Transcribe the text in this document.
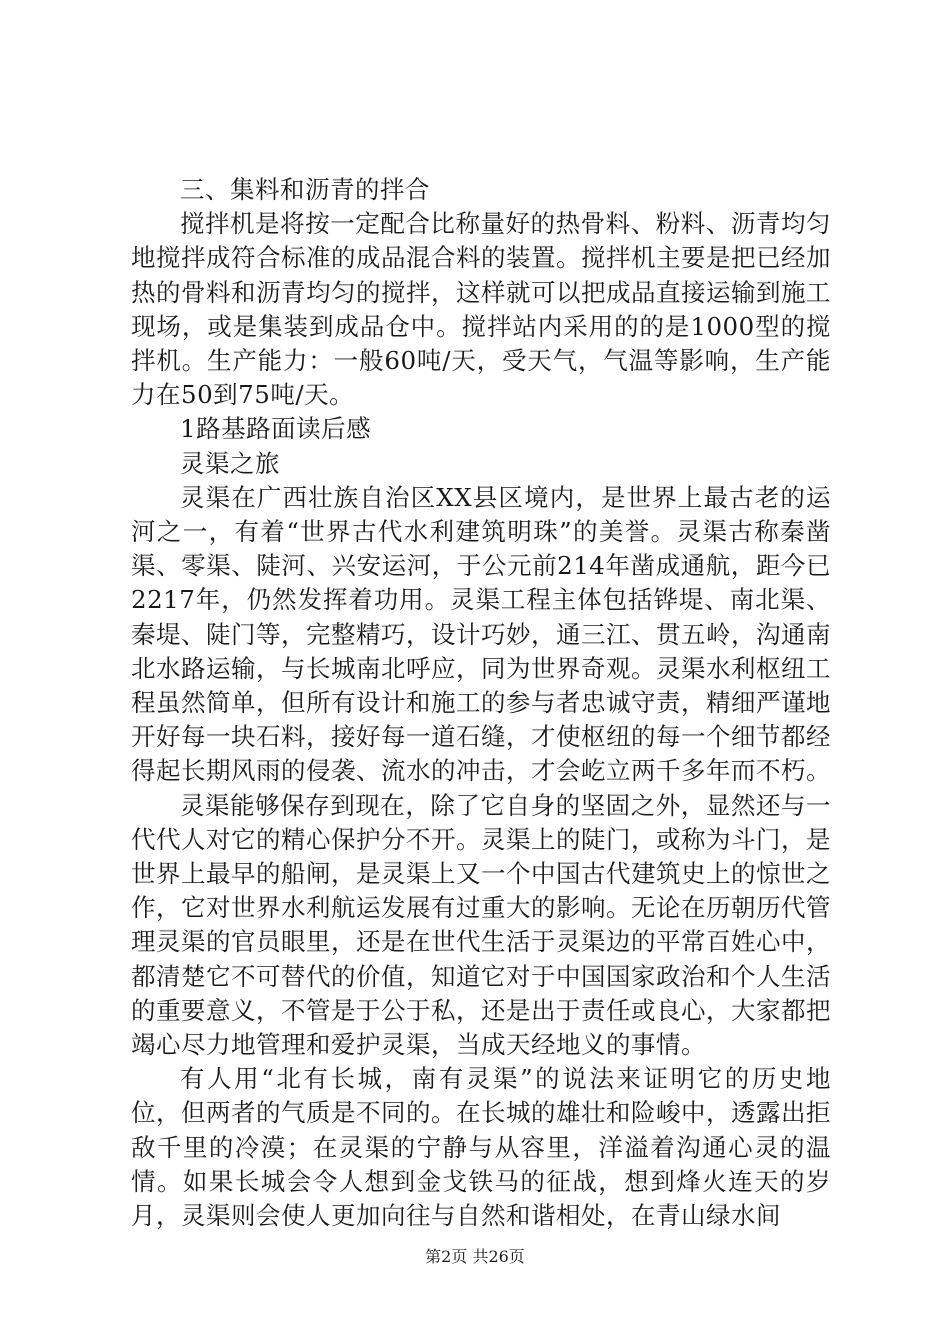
三、集料和沥青的拌合

搅拌机是将按一定配合比称量好的热骨料、粉料、沥青均匀地搅拌成符合标准的成品混合料的装置。搅拌机主要是把已经加热的骨料和沥青均匀的搅拌，这样就可以把成品直接运输到施工现场，或是集装到成品仓中。搅拌站内采用的的是1000型的搅拌机。生产能力：一般60吨/天，受天气，气温等影响，生产能力在50到75吨/天。

1路基路面读后感

灵渠之旅

灵渠在广西壮族自治区XX县区境内，是世界上最古老的运河之一，有着“世界古代水利建筑明珠”的美誉。灵渠古称秦凿渠、零渠、陡河、兴安运河，于公元前214年凿成通航，距今已2217年，仍然发挥着功用。灵渠工程主体包括铧堤、南北渠、秦堤、陡门等，完整精巧，设计巧妙，通三江、贯五岭，沟通南北水路运输，与长城南北呼应，同为世界奇观。灵渠水利枢纽工程虽然简单，但所有设计和施工的参与者忠诚守责，精细严谨地开好每一块石料，接好每一道石缝，才使枢纽的每一个细节都经得起长期风雨的侵袭、流水的冲击，才会屹立两千多年而不朽。

灵渠能够保存到现在，除了它自身的坚固之外，显然还与一代代人对它的精心保护分不开。灵渠上的陡门，或称为斗门，是世界上最早的船闸，是灵渠上又一个中国古代建筑史上的惊世之作，它对世界水利航运发展有过重大的影响。无论在历朝历代管理灵渠的官员眼里，还是在世代生活于灵渠边的平常百姓心中，都清楚它不可替代的价值，知道它对于中国国家政治和个人生活的重要意义，不管是于公于私，还是出于责任或良心，大家都把竭心尽力地管理和爱护灵渠，当成天经地义的事情。

有人用“北有长城，南有灵渠”的说法来证明它的历史地位，但两者的气质是不同的。在长城的雄壮和险峻中，透露出拒敌千里的冷漠；在灵渠的宁静与从容里，洋溢着沟通心灵的温情。如果长城会令人想到金戈铁马的征战，想到烽火连天的岁月，灵渠则会使人更加向往与自然和谐相处，在青山绿水间

第2页 共26页
